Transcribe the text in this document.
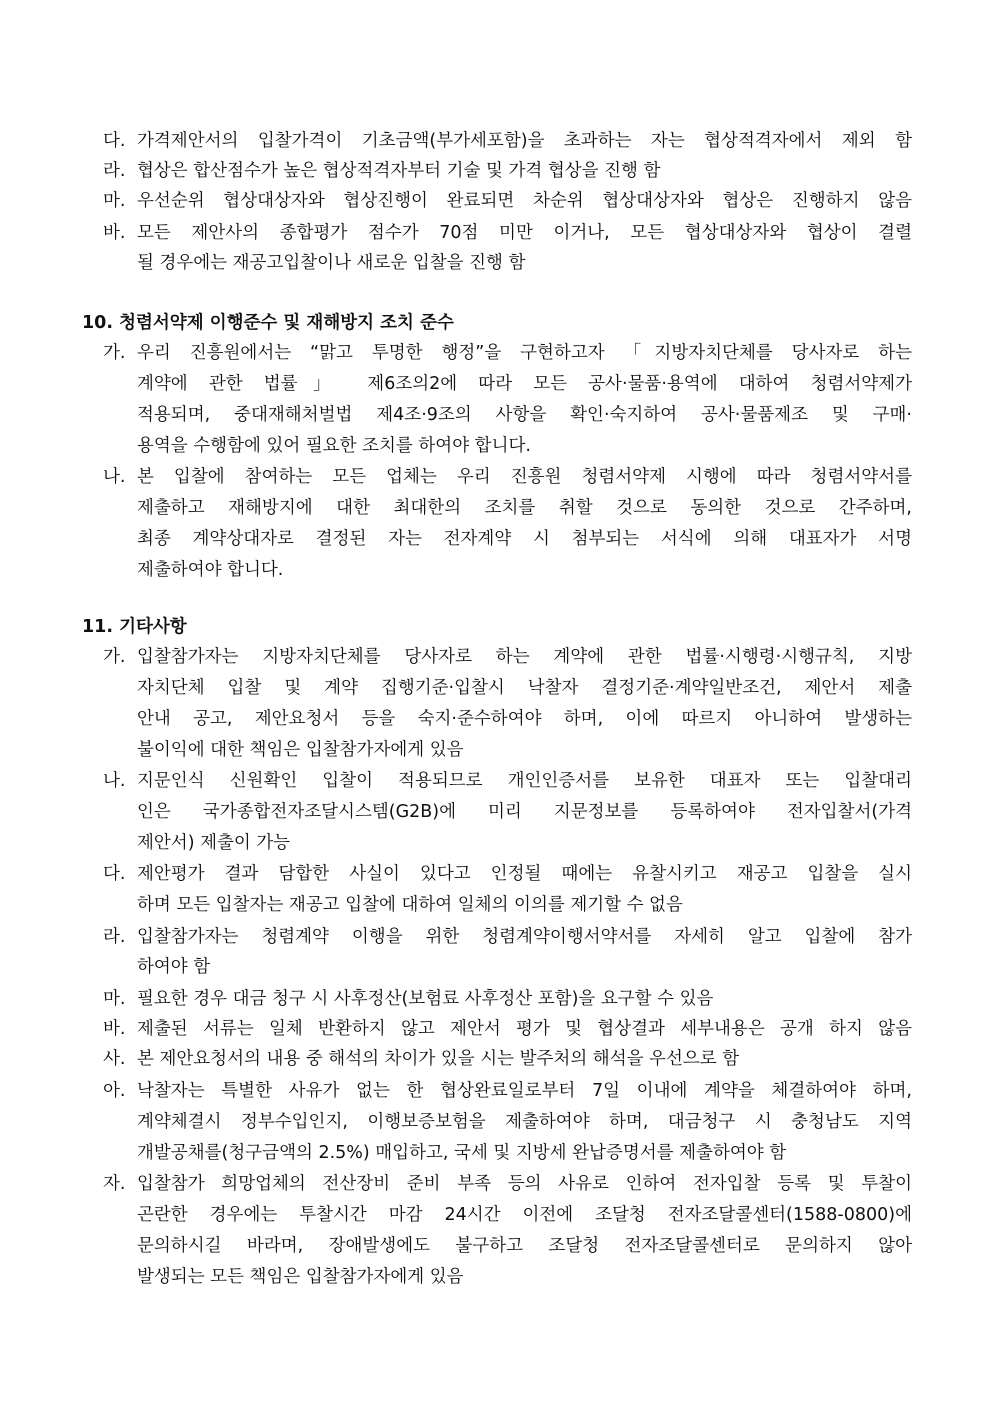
다. 가격제안서의 입찰가격이 기초금액(부가세포함)을 초과하는 자는 협상적격자에서 제외 함
라. 협상은 합산점수가 높은 협상적격자부터 기술 및 가격 협상을 진행 함
마. 우선순위 협상대상자와 협상진행이 완료되면 차순위 협상대상자와 협상은 진행하지 않음
바. 모든 제안사의 종합평가 점수가 70점 미만 이거나, 모든 협상대상자와 협상이 결렬
될 경우에는 재공고입찰이나 새로운 입찰을 진행 함
10. 청렴서약제 이행준수 및 재해방지 조치 준수
가. 우리 진흥원에서는 “맑고 투명한 행정”을 구현하고자 「지방자치단체를 당사자로 하는
계약에 관한 법률」 제6조의2에 따라 모든 공사·물품·용역에 대하여 청렴서약제가
적용되며, 중대재해처벌법 제4조·9조의 사항을 확인·숙지하여 공사·물품제조 및 구매·
용역을 수행함에 있어 필요한 조치를 하여야 합니다.
나. 본 입찰에 참여하는 모든 업체는 우리 진흥원 청렴서약제 시행에 따라 청렴서약서를
제출하고 재해방지에 대한 최대한의 조치를 취할 것으로 동의한 것으로 간주하며,
최종 계약상대자로 결정된 자는 전자계약 시 첨부되는 서식에 의해 대표자가 서명
제출하여야 합니다.
11. 기타사항
가. 입찰참가자는 지방자치단체를 당사자로 하는 계약에 관한 법률·시행령·시행규칙, 지방
자치단체 입찰 및 계약 집행기준·입찰시 낙찰자 결정기준·계약일반조건, 제안서 제출
안내 공고, 제안요청서 등을 숙지·준수하여야 하며, 이에 따르지 아니하여 발생하는
불이익에 대한 책임은 입찰참가자에게 있음
나. 지문인식 신원확인 입찰이 적용되므로 개인인증서를 보유한 대표자 또는 입찰대리
인은 국가종합전자조달시스템(G2B)에 미리 지문정보를 등록하여야 전자입찰서(가격
제안서) 제출이 가능
다. 제안평가 결과 담합한 사실이 있다고 인정될 때에는 유찰시키고 재공고 입찰을 실시
하며 모든 입찰자는 재공고 입찰에 대하여 일체의 이의를 제기할 수 없음
라. 입찰참가자는 청렴계약 이행을 위한 청렴계약이행서약서를 자세히 알고 입찰에 참가
하여야 함
마. 필요한 경우 대금 청구 시 사후정산(보험료 사후정산 포함)을 요구할 수 있음
바. 제출된 서류는 일체 반환하지 않고 제안서 평가 및 협상결과 세부내용은 공개 하지 않음
사. 본 제안요청서의 내용 중 해석의 차이가 있을 시는 발주처의 해석을 우선으로 함
아. 낙찰자는 특별한 사유가 없는 한 협상완료일로부터 7일 이내에 계약을 체결하여야 하며,
계약체결시 정부수입인지, 이행보증보험을 제출하여야 하며, 대금청구 시 충청남도 지역
개발공채를(청구금액의 2.5%) 매입하고, 국세 및 지방세 완납증명서를 제출하여야 함
자. 입찰참가 희망업체의 전산장비 준비 부족 등의 사유로 인하여 전자입찰 등록 및 투찰이
곤란한 경우에는 투찰시간 마감 24시간 이전에 조달청 전자조달콜센터(1588-0800)에
문의하시길 바라며, 장애발생에도 불구하고 조달청 전자조달콜센터로 문의하지 않아
발생되는 모든 책임은 입찰참가자에게 있음
